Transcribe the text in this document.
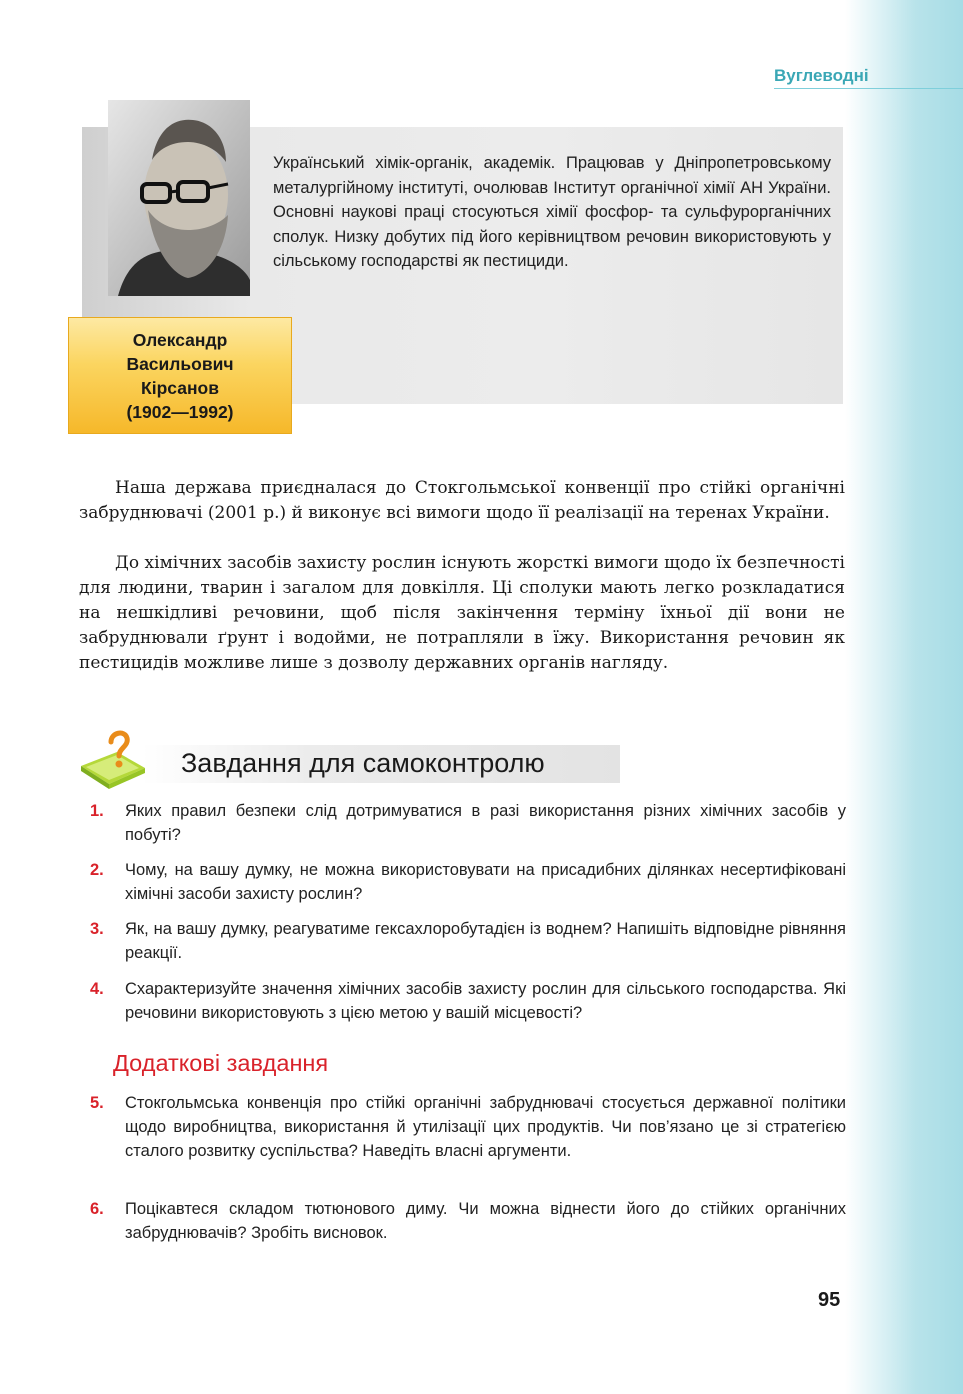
Вуглеводні
Український хімік-органік, академік. Працював у Дніпропетровському металургійному інституті, очолював Інститут органічної хімії АН України. Основні наукові праці стосуються хімії фосфор- та сульфурорганічних сполук. Низку добутих під його керівництвом речовин використовують у сільському господарстві як пестициди.
Олександр
Васильович
Кірсанов
(1902—1992)

Наша держава приєдналася до Стокгольмської конвенції про стійкі органічні забруднювачі (2001 р.) й виконує всі вимоги щодо її реалізації на теренах України.

До хімічних засобів захисту рослин існують жорсткі вимоги щодо їх безпечності для людини, тварин і загалом для довкілля. Ці сполуки мають легко розкладатися на нешкідливі речовини, щоб після закінчення терміну їхньої дії вони не забруднювали ґрунт і водойми, не потрапляли в їжу. Використання речовин як пестицидів можливе лише з дозволу державних органів нагляду.

Завдання для самоконтролю
1.	Яких правил безпеки слід дотримуватися в разі використання різних хімічних засобів у побуті?
2.	Чому, на вашу думку, не можна використовувати на присадибних ділянках несертифіковані хімічні засоби захисту рослин?
3.	Як, на вашу думку, реагуватиме гексахлоробутадієн із воднем? Напишіть відповідне рівняння реакції.
4.	Схарактеризуйте значення хімічних засобів захисту рослин для сільського господарства. Які речовини використовують з цією метою у вашій місцевості?
Додаткові завдання
5.	Стокгольмська конвенція про стійкі органічні забруднювачі стосується державної політики щодо виробництва, використання й утилізації цих продуктів. Чи пов’язано це зі стратегією сталого розвитку суспільства? Наведіть власні аргументи.
6.	Поцікавтеся складом тютюнового диму. Чи можна віднести його до стійких органічних забруднювачів? Зробіть висновок.
95
